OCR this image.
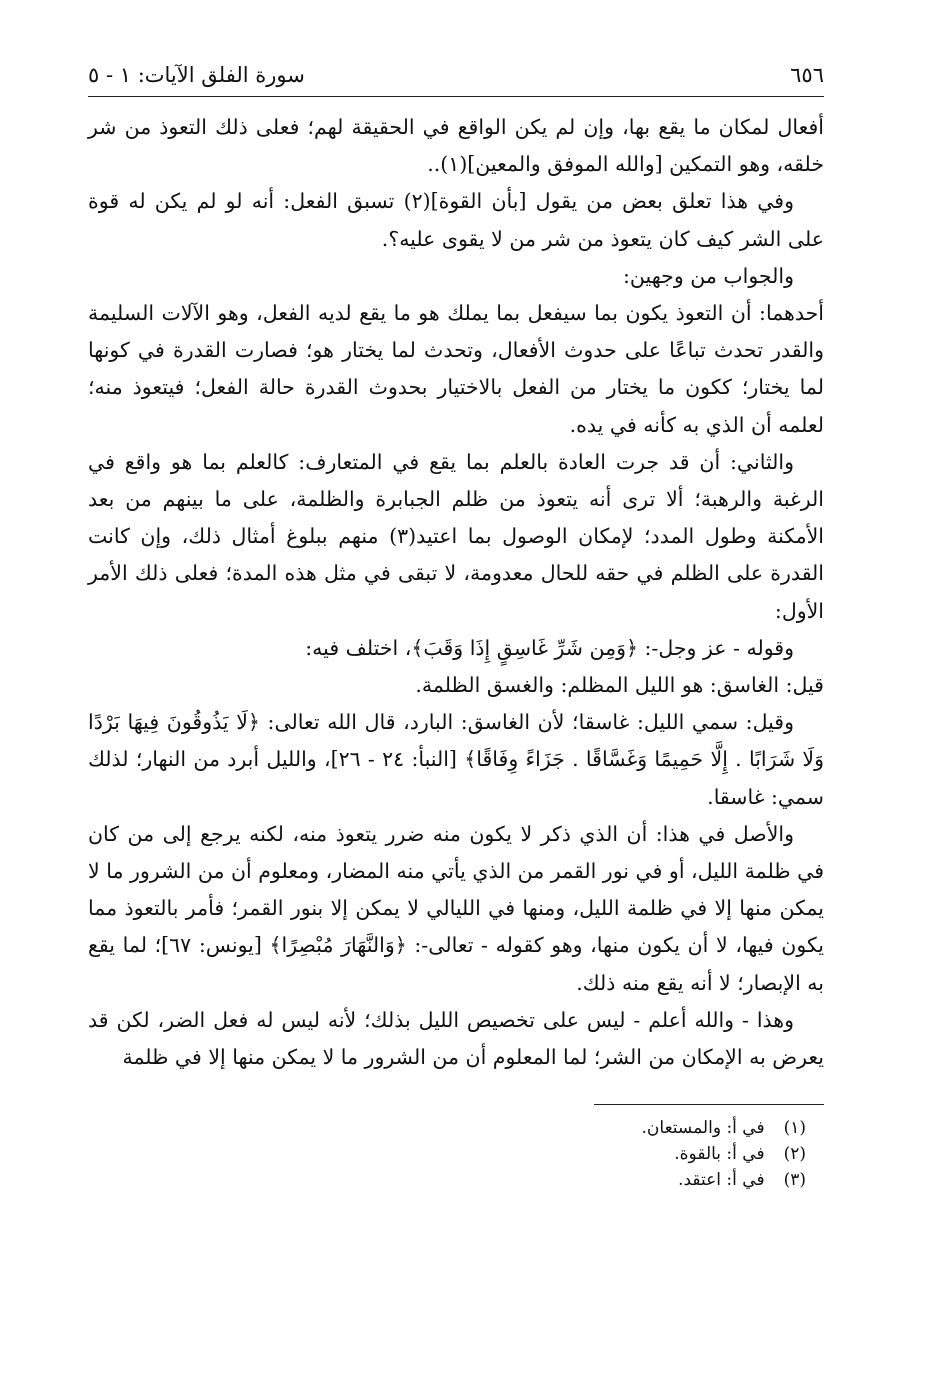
٦٥٦
سورة الفلق الآيات: ١ - ٥

أفعال لمكان ما يقع بها، وإن لم يكن الواقع في الحقيقة لهم؛ فعلى ذلك التعوذ من شر خلقه، وهو التمكين [والله الموفق والمعين](١)..

وفي هذا تعلق بعض من يقول [بأن القوة](٢) تسبق الفعل: أنه لو لم يكن له قوة على الشر كيف كان يتعوذ من شر من لا يقوى عليه؟.

والجواب من وجهين:

أحدهما: أن التعوذ يكون بما سيفعل بما يملك هو ما يقع لديه الفعل، وهو الآلات السليمة والقدر تحدث تباعًا على حدوث الأفعال، وتحدث لما يختار هو؛ فصارت القدرة في كونها لما يختار؛ ككون ما يختار من الفعل بالاختيار بحدوث القدرة حالة الفعل؛ فيتعوذ منه؛ لعلمه أن الذي به كأنه في يده.

والثاني: أن قد جرت العادة بالعلم بما يقع في المتعارف: كالعلم بما هو واقع في الرغبة والرهبة؛ ألا ترى أنه يتعوذ من ظلم الجبابرة والظلمة، على ما بينهم من بعد الأمكنة وطول المدد؛ لإمكان الوصول بما اعتيد(٣) منهم ببلوغ أمثال ذلك، وإن كانت القدرة على الظلم في حقه للحال معدومة، لا تبقى في مثل هذه المدة؛ فعلى ذلك الأمر الأول:

وقوله - عز وجل-: ﴿وَمِن شَرِّ غَاسِقٍ إِذَا وَقَبَ﴾، اختلف فيه:

قيل: الغاسق: هو الليل المظلم: والغسق الظلمة.

وقيل: سمي الليل: غاسقا؛ لأن الغاسق: البارد، قال الله تعالى: ﴿لَا يَذُوقُونَ فِيهَا بَرْدًا وَلَا شَرَابًا . إِلَّا حَمِيمًا وَغَسَّاقًا . جَزَاءً وِفَاقًا﴾ [النبأ: ٢٤ - ٢٦]، والليل أبرد من النهار؛ لذلك سمي: غاسقا.

والأصل في هذا: أن الذي ذكر لا يكون منه ضرر يتعوذ منه، لكنه يرجع إلى من كان في ظلمة الليل، أو في نور القمر من الذي يأتي منه المضار، ومعلوم أن من الشرور ما لا يمكن منها إلا في ظلمة الليل، ومنها في الليالي لا يمكن إلا بنور القمر؛ فأمر بالتعوذ مما يكون فيها، لا أن يكون منها، وهو كقوله - تعالى-: ﴿وَالنَّهَارَ مُبْصِرًا﴾ [يونس: ٦٧]؛ لما يقع به الإبصار؛ لا أنه يقع منه ذلك.

وهذا - والله أعلم - ليس على تخصيص الليل بذلك؛ لأنه ليس له فعل الضر، لكن قد يعرض به الإمكان من الشر؛ لما المعلوم أن من الشرور ما لا يمكن منها إلا في ظلمة

(١) في أ: والمستعان.

(٢) في أ: بالقوة.

(٣) في أ: اعتقد.
